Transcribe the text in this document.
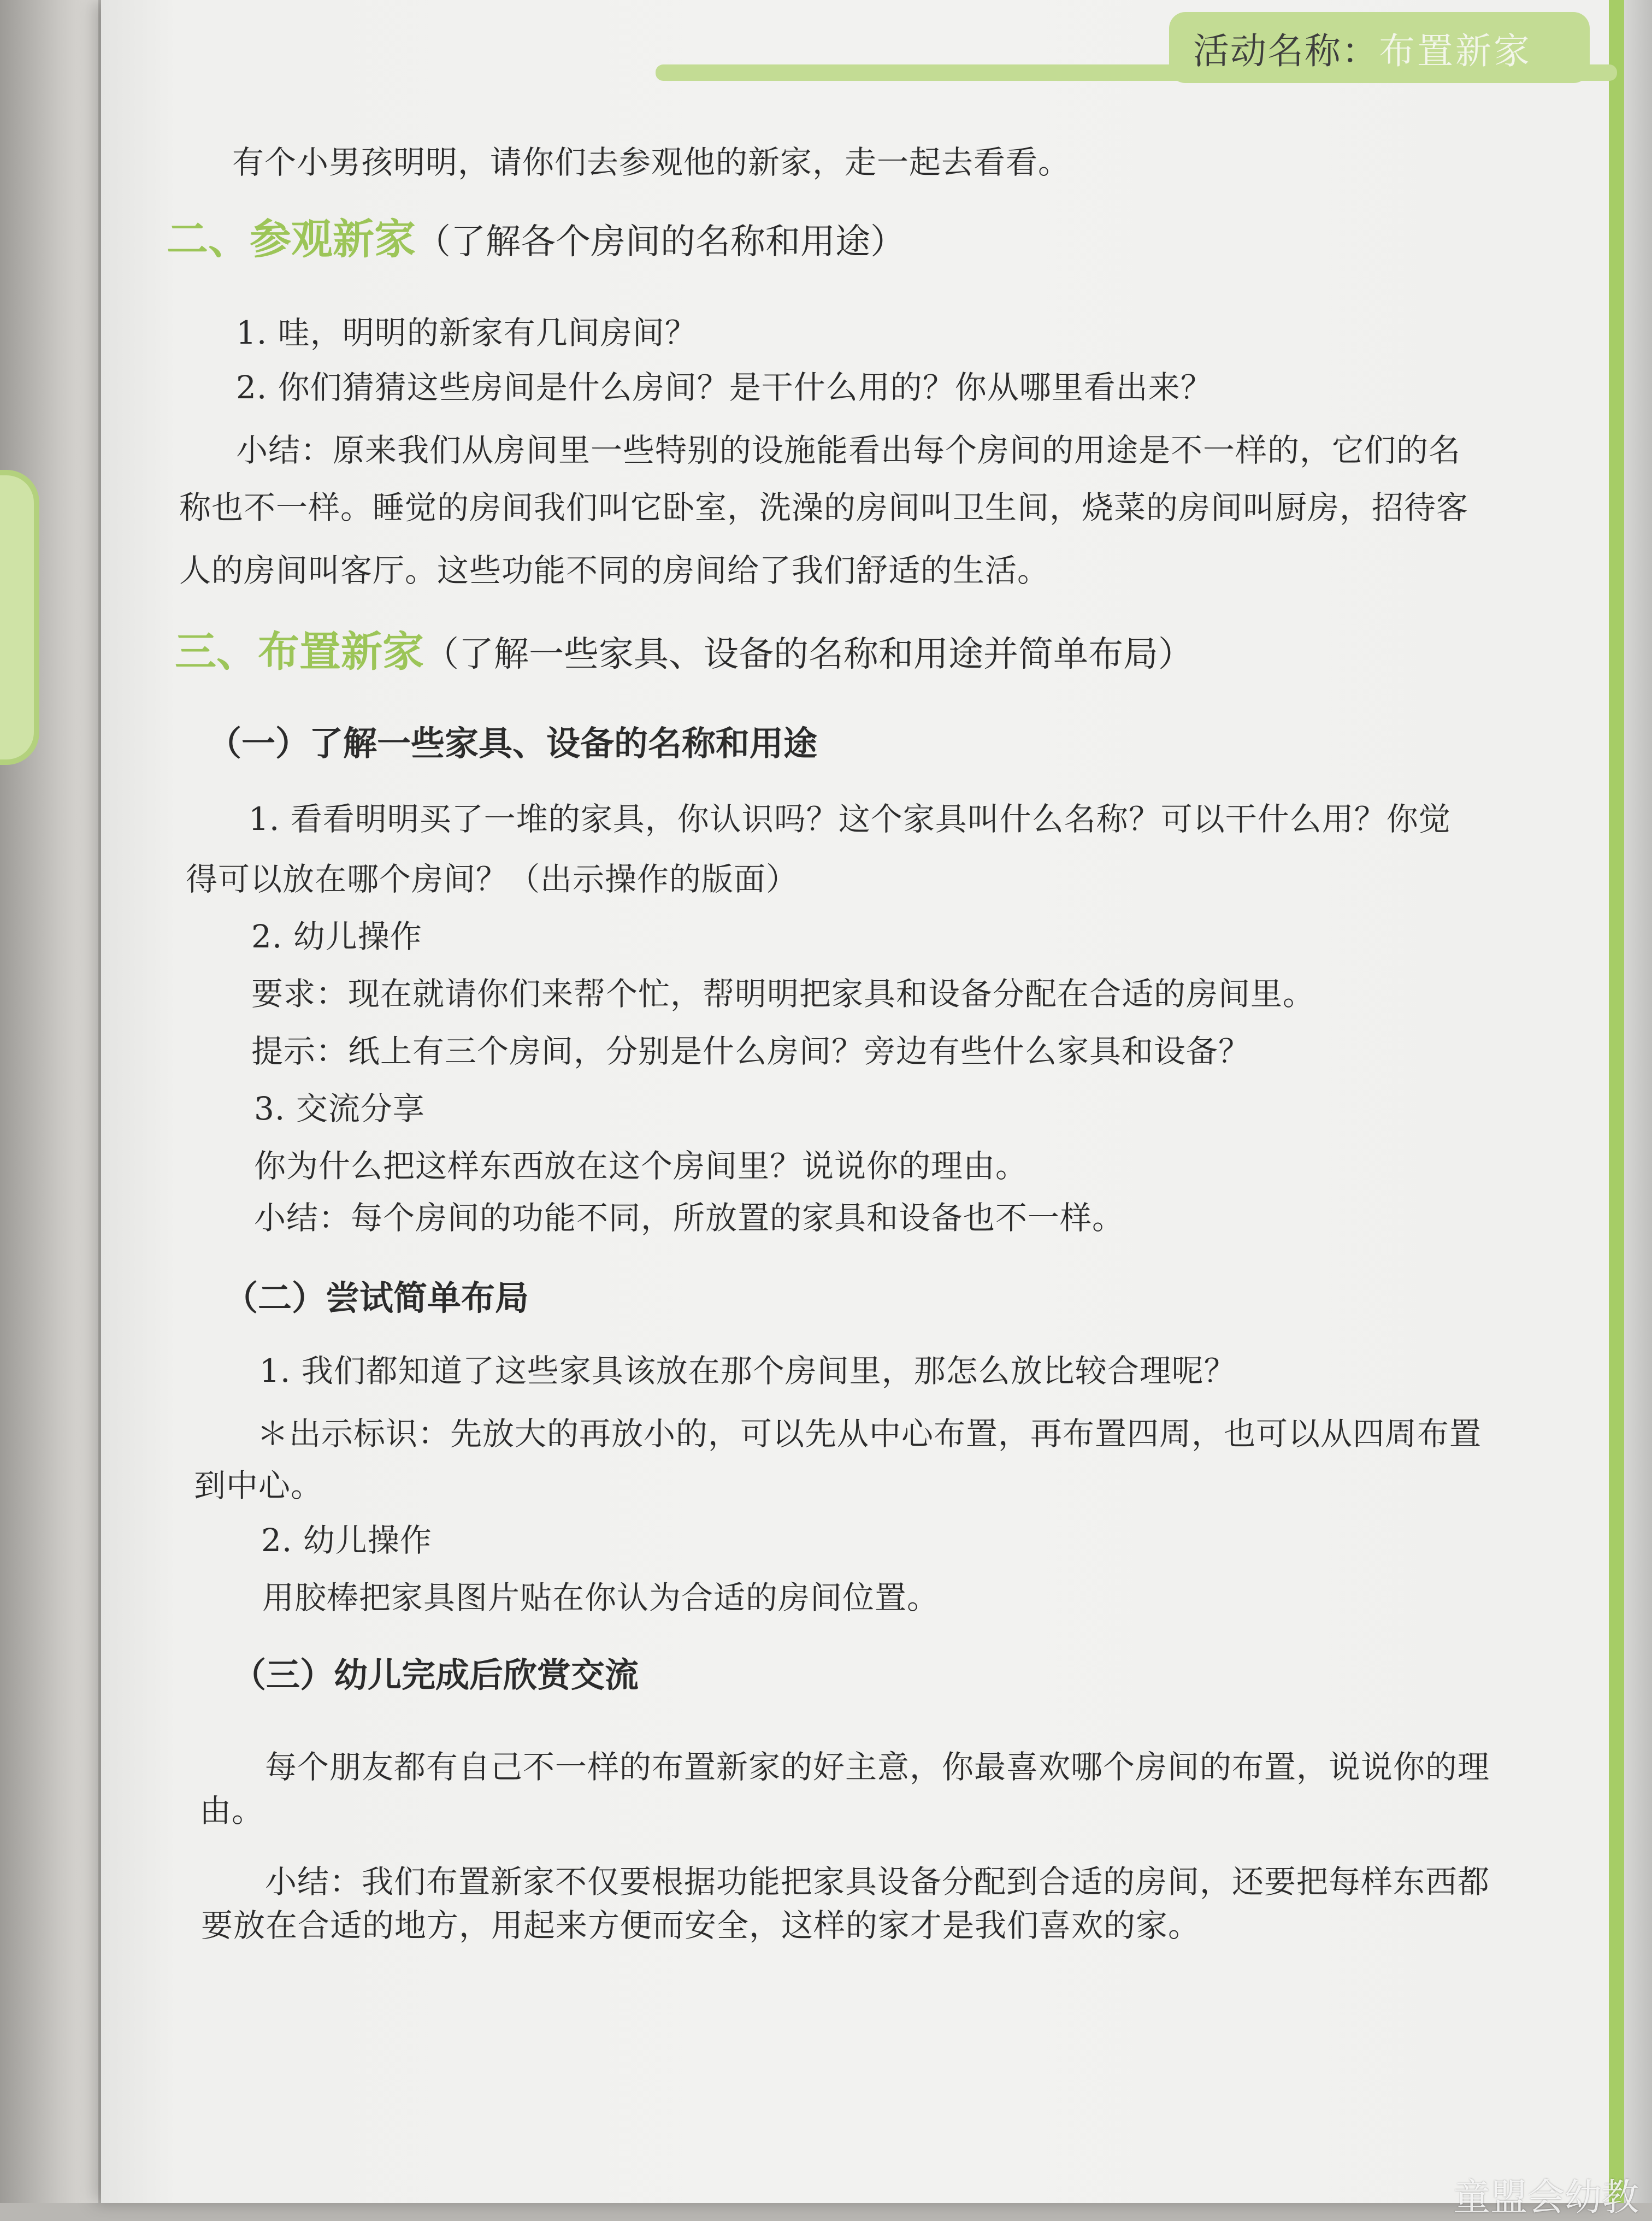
活动名称： 布置新家
有个小男孩明明，请你们去参观他的新家，走一起去看看。
二、参观新家（了解各个房间的名称和用途）
1. 哇，明明的新家有几间房间？
2. 你们猜猜这些房间是什么房间？是干什么用的？你从哪里看出来？
小结：原来我们从房间里一些特别的设施能看出每个房间的用途是不一样的，它们的名
称也不一样。睡觉的房间我们叫它卧室，洗澡的房间叫卫生间，烧菜的房间叫厨房，招待客
人的房间叫客厅。这些功能不同的房间给了我们舒适的生活。
三、布置新家（了解一些家具、设备的名称和用途并简单布局）
（一）了解一些家具、设备的名称和用途
1. 看看明明买了一堆的家具，你认识吗？这个家具叫什么名称？可以干什么用？你觉
得可以放在哪个房间？（出示操作的版面）
2. 幼儿操作
要求：现在就请你们来帮个忙，帮明明把家具和设备分配在合适的房间里。
提示：纸上有三个房间，分别是什么房间？旁边有些什么家具和设备？
3. 交流分享
你为什么把这样东西放在这个房间里？说说你的理由。
小结：每个房间的功能不同，所放置的家具和设备也不一样。
（二）尝试简单布局
1. 我们都知道了这些家具该放在那个房间里，那怎么放比较合理呢？
＊出示标识：先放大的再放小的，可以先从中心布置，再布置四周，也可以从四周布置
到中心。
2. 幼儿操作
用胶棒把家具图片贴在你认为合适的房间位置。
（三）幼儿完成后欣赏交流
每个朋友都有自己不一样的布置新家的好主意，你最喜欢哪个房间的布置，说说你的理
由。
小结：我们布置新家不仅要根据功能把家具设备分配到合适的房间，还要把每样东西都
要放在合适的地方，用起来方便而安全，这样的家才是我们喜欢的家。
童盟会幼教
